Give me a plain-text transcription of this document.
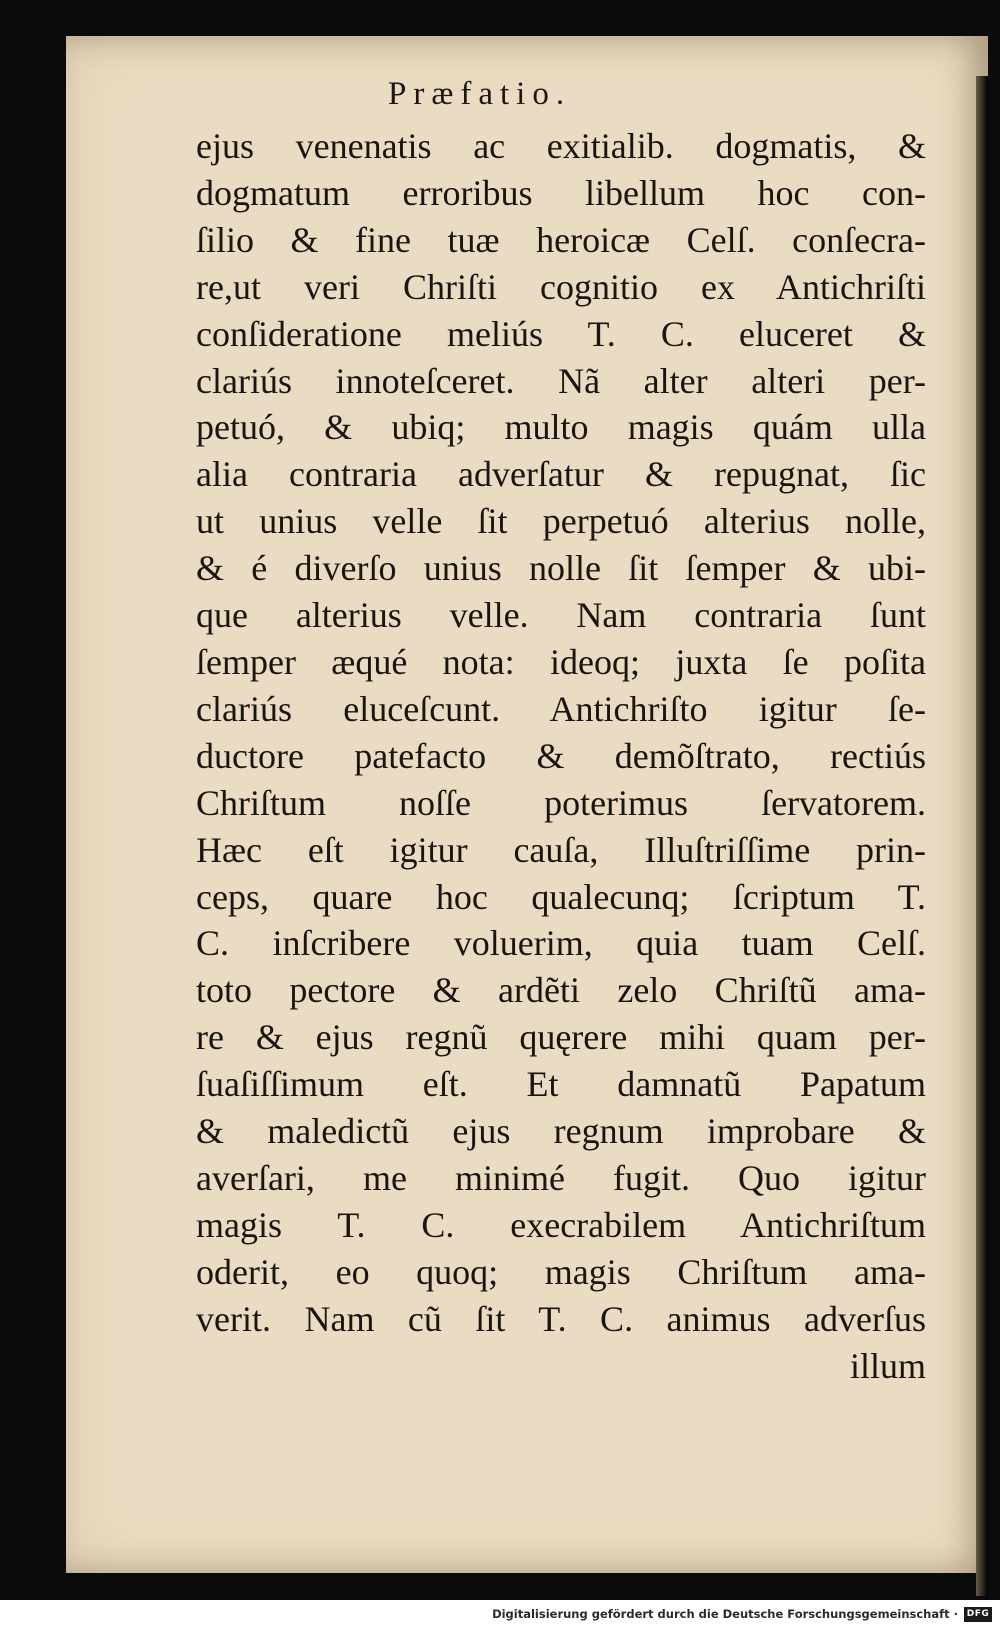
Præfatio.
ejus venenatis ac exitialib. dogmatis, &
dogmatum erroribus libellum hoc con-
ſilio & fine tuæ heroicæ Celſ. conſecra-
re,ut veri Chriſti cognitio ex Antichriſti
conſideratione meliús T. C. eluceret &
clariús innoteſceret. Nã alter alteri per-
petuó, & ubiq; multo magis quám ulla
alia contraria adverſatur & repugnat, ſic
ut unius velle ſit perpetuó alterius nolle,
& é diverſo unius nolle ſit ſemper & ubi-
que alterius velle. Nam contraria ſunt
ſemper æqué nota: ideoq; juxta ſe poſita
clariús eluceſcunt. Antichriſto igitur ſe-
ductore patefacto & demõſtrato, rectiús
Chriſtum noſſe poterimus ſervatorem.
Hæc eſt igitur cauſa, Illuſtriſſime prin-
ceps, quare hoc qualecunq; ſcriptum T.
C. inſcribere voluerim, quia tuam Celſ.
toto pectore & ardẽti zelo Chriſtũ ama-
re & ejus regnũ quęrere mihi quam per-
ſuaſiſſimum eſt. Et damnatũ Papatum
& maledictũ ejus regnum improbare &
averſari, me minimé fugit. Quo igitur
magis T. C. execrabilem Antichriſtum
oderit, eo quoq; magis Chriſtum ama-
verit. Nam cũ ſit T. C. animus adverſus
illum
Digitalisierung gefördert durch die Deutsche Forschungsgemeinschaft · DFG
